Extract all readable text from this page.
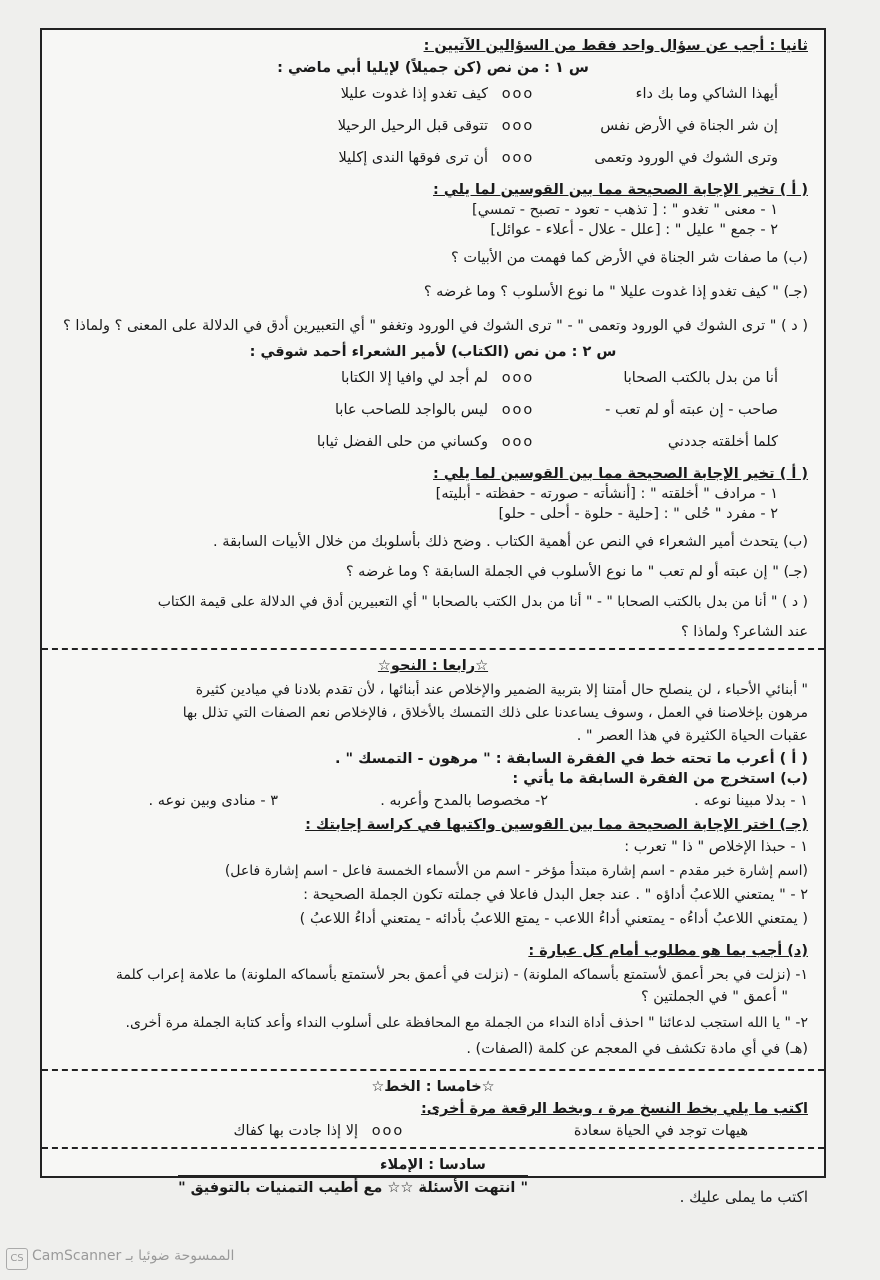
ثانيا : أجب عن سؤال واحد فقط من السؤالين الآتيين :
س ١ : من نص (كن جميلاً) لإيليا أبي ماضي :
أيهذا الشاكي وما بك داء
ooo
كيف تغدو إذا غدوت عليلا
إن شر الجناة في الأرض نفس
ooo
تتوقى قبل الرحيل الرحيلا
وترى الشوك في الورود وتعمى
ooo
أن ترى فوقها الندى إكليلا
( أ ) تخير الإجابة الصحيحة مما بين القوسين لما يلي :
١ - معنى " تغدو " : [ تذهب - تعود - تصبح - تمسي]
٢ - جمع " عليل " : [علل - علال - أعلاء - عوائل]
(ب) ما صفات شر الجناة في الأرض كما فهمت من الأبيات ؟
(جـ) " كيف تغدو إذا غدوت عليلا " ما نوع الأسلوب ؟ وما غرضه ؟
( د ) " ترى الشوك في الورود وتعمى " - " ترى الشوك في الورود وتغفو " أي التعبيرين أدق في الدلالة على المعنى ؟ ولماذا ؟
س ٢ : من نص (الكتاب) لأمير الشعراء أحمد شوقي :
أنا من بدل بالكتب الصحابا
ooo
لم أجد لي وافيا إلا الكتابا
صاحب - إن عبته أو لم تعب -
ooo
ليس بالواجد للصاحب عابا
كلما أخلقته جددني
ooo
وكساني من حلى الفضل ثيابا
( أ ) تخير الإجابة الصحيحة مما بين القوسين لما يلي :
١ - مرادف " أخلقته " : [أنشأته - صورته - حفظته - أبليته]
٢ - مفرد " حُلى " : [حلية - حلوة - أحلى - حلو]
(ب) يتحدث أمير الشعراء في النص عن أهمية الكتاب . وضح ذلك بأسلوبك من خلال الأبيات السابقة .
(جـ) " إن عبته أو لم تعب " ما نوع الأسلوب في الجملة السابقة ؟ وما غرضه ؟
( د ) " أنا من بدل بالكتب الصحابا " - " أنا من بدل الكتب بالصحابا " أي التعبيرين أدق في الدلالة على قيمة الكتاب
عند الشاعر؟ ولماذا ؟
☆رابعا : النحو☆
" أبنائي الأحباء ، لن ينصلح حال أمتنا إلا بتربية الضمير والإخلاص عند أبنائها ، لأن تقدم بلادنا في ميادين كثيرة
مرهون بإخلاصنا في العمل ، وسوف يساعدنا على ذلك التمسك بالأخلاق ، فالإخلاص نعم الصفات التي تذلل بها
عقبات الحياة الكثيرة في هذا العصر " .
( أ ) أعرب ما تحته خط في الفقرة السابقة : " مرهون - التمسك " .
(ب) استخرج من الفقرة السابقة ما يأتي :
١ - بدلا مبينا نوعه .
٢- مخصوصا بالمدح وأعربه .
٣ - منادى وبين نوعه .
(جـ) اختر الإجابة الصحيحة مما بين القوسين واكتبها في كراسة إجابتك :
١ - حبذا الإخلاص " ذا " تعرب :
(اسم إشارة خبر مقدم - اسم إشارة مبتدأ مؤخر - اسم من الأسماء الخمسة فاعل - اسم إشارة فاعل)
٢ - " يمتعني اللاعبُ أداؤه " . عند جعل البدل فاعلا في جملته تكون الجملة الصحيحة :
( يمتعني اللاعبُ أداءُه - يمتعني أداءُ اللاعب - يمتع اللاعبُ بأدائه - يمتعني أداءُ اللاعبُ )
(د) أجب بما هو مطلوب أمام كل عبارة :
١- (نزلت في بحر أعمق لأستمتع بأسماكه الملونة) - (نزلت في أعمق بحر لأستمتع بأسماكه الملونة) ما علامة إعراب كلمة
" أعمق " في الجملتين ؟
٢- " يا الله استجب لدعائنا " احذف أداة النداء من الجملة مع المحافظة على أسلوب النداء وأعد كتابة الجملة مرة أخرى.
(هـ) في أي مادة تكشف في المعجم عن كلمة (الصفات) .
☆خامسا : الخط☆
اكتب ما يلي بخط النسخ مرة ، وبخط الرقعة مرة أخرى:
هيهات توجد في الحياة سعادة
ooo
إلا إذا جادت بها كفاك
سادسا : الإملاء
اكتب ما يملى عليك .
" انتهت الأسئلة ☆☆ مع أطيب التمنيات بالتوفيق "
CS الممسوحة ضوئيا بـ CamScanner
